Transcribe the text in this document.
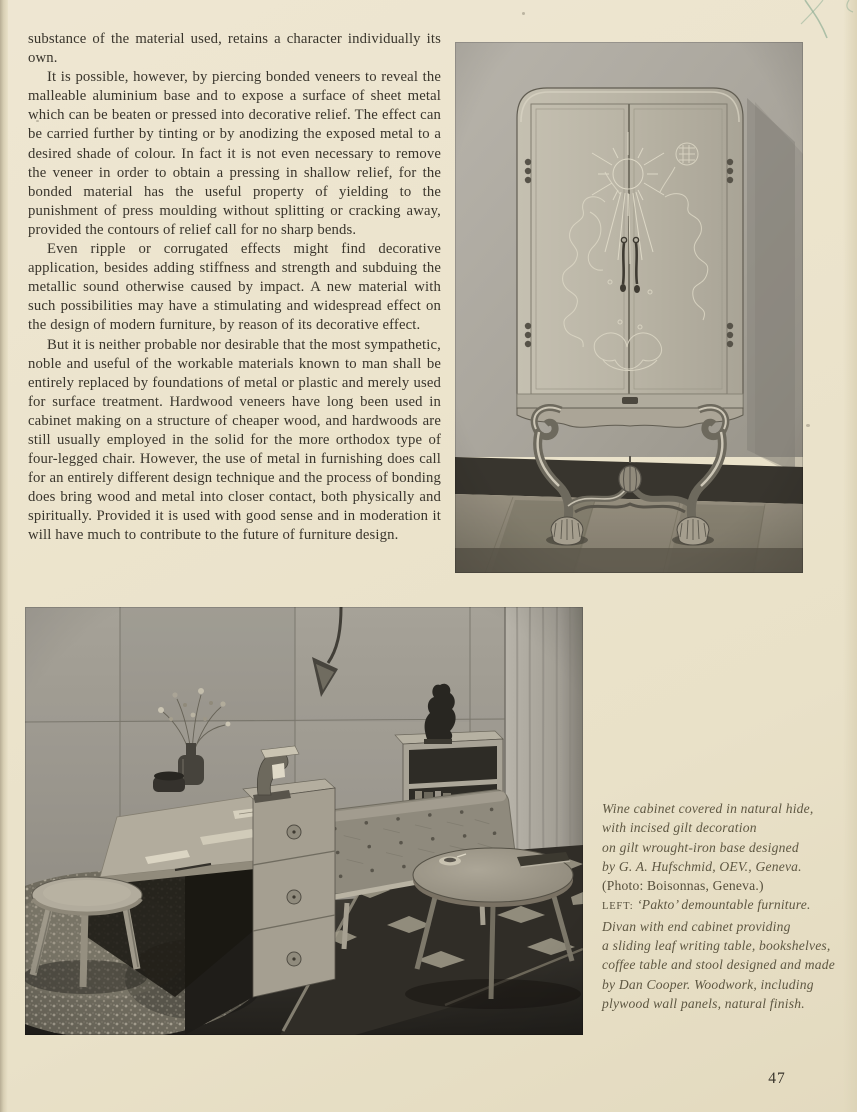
substance of the material used, retains a character individually its own.

It is possible, however, by piercing bonded veneers to reveal the malleable aluminium base and to expose a surface of sheet metal which can be beaten or pressed into decorative relief. The effect can be carried further by tinting or by anodizing the exposed metal to a desired shade of colour. In fact it is not even necessary to remove the veneer in order to obtain a pressing in shallow relief, for the bonded material has the useful property of yielding to the punishment of press moulding without splitting or cracking away, provided the contours of relief call for no sharp bends.

Even ripple or corrugated effects might find decorative application, besides adding stiffness and strength and subduing the metallic sound otherwise caused by impact. A new material with such possibilities may have a stimulating and widespread effect on the design of modern furniture, by reason of its decorative effect.

But it is neither probable nor desirable that the most sympathetic, noble and useful of the workable materials known to man shall be entirely replaced by foundations of metal or plastic and merely used for surface treatment. Hardwood veneers have long been used in cabinet making on a structure of cheaper wood, and hardwoods are still usually employed in the solid for the more orthodox type of four-legged chair. However, the use of metal in furnishing does call for an entirely different design technique and the process of bonding does bring wood and metal into closer contact, both physically and spiritually. Provided it is used with good sense and in moderation it will have much to contribute to the future of furniture design.

Wine cabinet covered in natural hide,
with incised gilt decoration
on gilt wrought-iron base designed
by G. A. Hufschmid, OEV., Geneva.
(Photo: Boisonnas, Geneva.)
LEFT: ‘Pakto’ demountable furniture.
Divan with end cabinet providing
a sliding leaf writing table, bookshelves,
coffee table and stool designed and made
by Dan Cooper. Woodwork, including
plywood wall panels, natural finish.
47
